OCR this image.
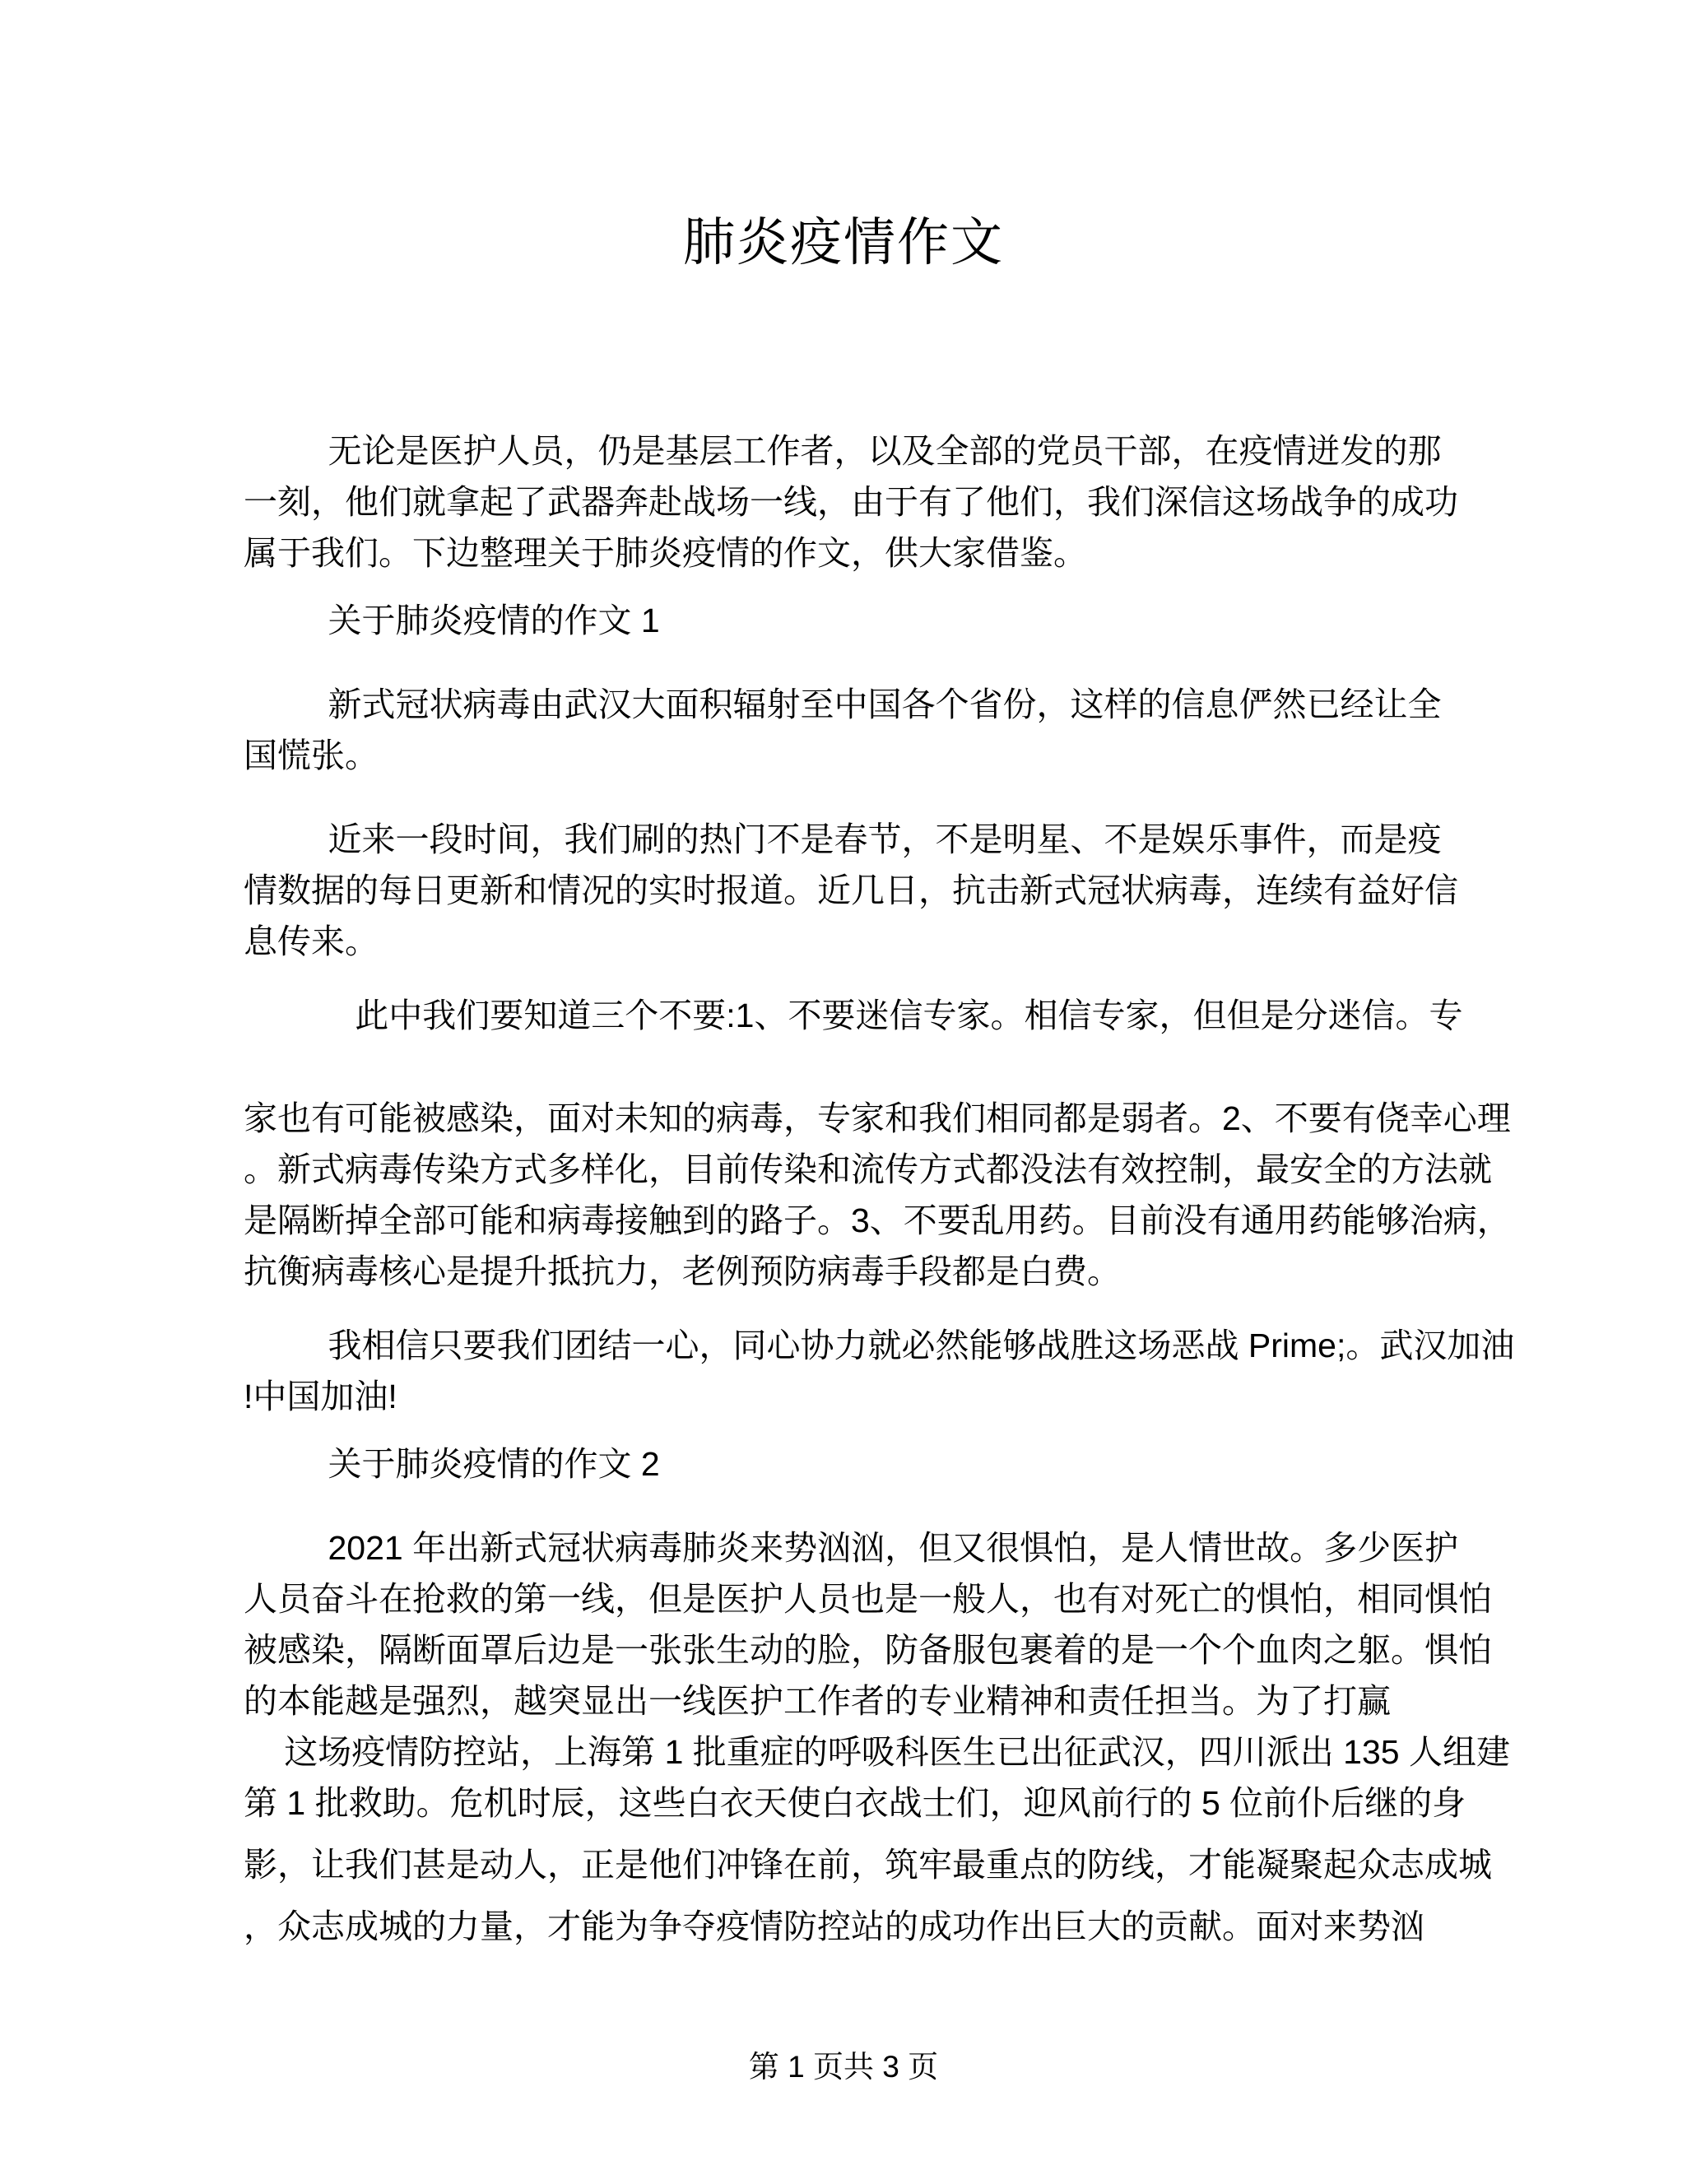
肺炎疫情作文
无论是医护人员，仍是基层工作者，以及全部的党员干部，在疫情迸发的那
一刻，他们就拿起了武器奔赴战场一线，由于有了他们，我们深信这场战争的成功
属于我们。下边整理关于肺炎疫情的作文，供大家借鉴。
关于肺炎疫情的作文 1
新式冠状病毒由武汉大面积辐射至中国各个省份，这样的信息俨然已经让全
国慌张。
近来一段时间，我们刷的热门不是春节，不是明星、不是娱乐事件，而是疫
情数据的每日更新和情况的实时报道。近几日，抗击新式冠状病毒，连续有益好信
息传来。
此中我们要知道三个不要:1、不要迷信专家。相信专家，但但是分迷信。专
家也有可能被感染，面对未知的病毒，专家和我们相同都是弱者。2、不要有侥幸心理
。新式病毒传染方式多样化，目前传染和流传方式都没法有效控制，最安全的方法就
是隔断掉全部可能和病毒接触到的路子。3、不要乱用药。目前没有通用药能够治病，
抗衡病毒核心是提升抵抗力，老例预防病毒手段都是白费。
我相信只要我们团结一心，同心协力就必然能够战胜这场恶战 Prime;。武汉加油
!中国加油!
关于肺炎疫情的作文 2
2021 年出新式冠状病毒肺炎来势汹汹，但又很惧怕，是人情世故。多少医护
人员奋斗在抢救的第一线，但是医护人员也是一般人，也有对死亡的惧怕，相同惧怕
被感染，隔断面罩后边是一张张生动的脸，防备服包裹着的是一个个血肉之躯。惧怕
的本能越是强烈，越突显出一线医护工作者的专业精神和责任担当。为了打赢
这场疫情防控站，上海第 1 批重症的呼吸科医生已出征武汉，四川派出 135 人组建
第 1 批救助。危机时辰，这些白衣天使白衣战士们，迎风前行的 5 位前仆后继的身
影，让我们甚是动人，正是他们冲锋在前，筑牢最重点的防线，才能凝聚起众志成城
，众志成城的力量，才能为争夺疫情防控站的成功作出巨大的贡献。面对来势汹
第 1 页共 3 页
